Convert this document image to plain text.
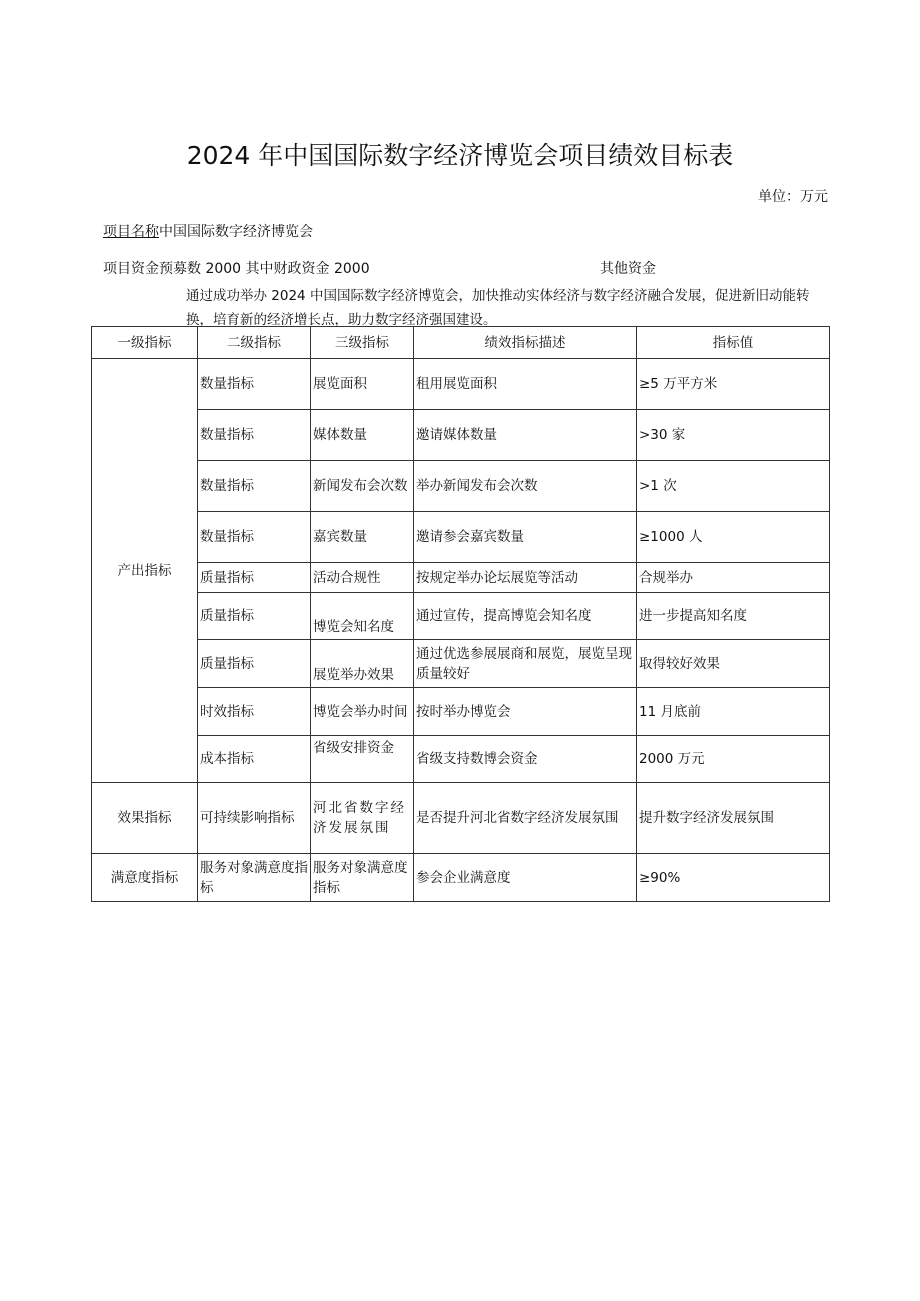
2024 年中国国际数字经济博览会项目绩效目标表
单位：万元
项目名称中国国际数字经济博览会
项目资金预募数 2000 其中财政资金 2000	其他资金
通过成功举办 2024 中国国际数字经济博览会，加快推动实体经济与数字经济融合发展，促进新旧动能转换，培育新的经济增长点，助力数字经济强国建设。
一级指标	二级指标	三级指标	绩效指标描述	指标值
产出指标	数量指标	展览面积	租用展览面积	≥5 万平方米
	数量指标	媒体数量	邀请媒体数量	>30 家
	数量指标	新闻发布会次数	举办新闻发布会次数	>1 次
	数量指标	嘉宾数量	邀请参会嘉宾数量	≥1000 人
	质量指标	活动合规性	按规定举办论坛展览等活动	合规举办
	质量指标	博览会知名度	通过宣传，提高博览会知名度	进一步提高知名度
	质量指标	展览举办效果	通过优选参展展商和展览，展览呈现质量较好	取得较好效果
	时效指标	博览会举办时间	按时举办博览会	11 月底前
	成本指标	省级安排资金	省级支持数博会资金	2000 万元
效果指标	可持续影响指标	河北省数字经济发展氛围	是否提升河北省数字经济发展氛围	提升数字经济发展氛围
满意度指标	服务对象满意度指标	服务对象满意度指标	参会企业满意度	≥90%
